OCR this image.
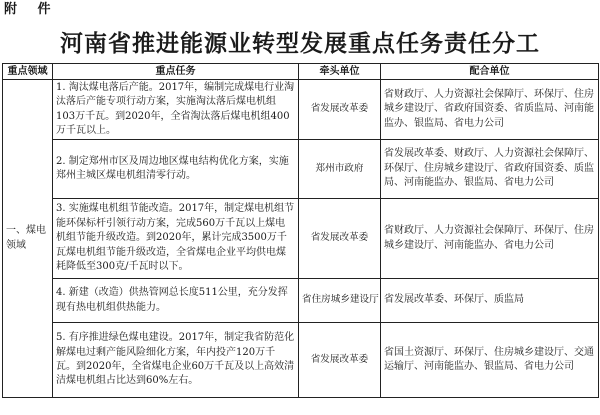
附 件
河南省推进能源业转型发展重点任务责任分工
重点领域	重点任务	牵头单位	配合单位
一、煤电领域	1. 淘汰煤电落后产能。2017年，编制完成煤电行业淘汰落后产能专项行动方案，实施淘汰落后煤电机组103万千瓦。到2020年，全省淘汰落后煤电机组400万千瓦以上。	省发展改革委	省财政厅、人力资源社会保障厅、环保厅、住房城乡建设厅、省政府国资委、省质监局、河南能监办、银监局、省电力公司
	2. 制定郑州市区及周边地区煤电结构优化方案，实施郑州主城区煤电机组清零行动。	郑州市政府	省发展改革委、财政厅、人力资源社会保障厅、环保厅、住房城乡建设厅、省政府国资委、质监局、河南能监办、银监局、省电力公司
	3. 实施煤电机组节能改造。2017年，制定煤电机组节能环保标杆引领行动方案，完成560万千瓦以上煤电机组节能升级改造。到2020年，累计完成3500万千瓦煤电机组节能升级改造，全省煤电企业平均供电煤耗降低至300克/千瓦时以下。	省发展改革委	省财政厅、人力资源社会保障厅、环保厅、住房城乡建设厅、河南能监办、省电力公司
	4. 新建（改造）供热管网总长度511公里，充分发挥现有热电机组供热能力。	省住房城乡建设厅	省发展改革委、环保厅、质监局
	5. 有序推进绿色煤电建设。2017年，制定我省防范化解煤电过剩产能风险细化方案，年内投产120万千瓦。到2020年，全省煤电企业60万千瓦及以上高效清洁煤电机组占比达到60%左右。	省发展改革委	省国土资源厅、环保厅、住房城乡建设厅、交通运输厅、河南能监办、银监局、省电力公司
